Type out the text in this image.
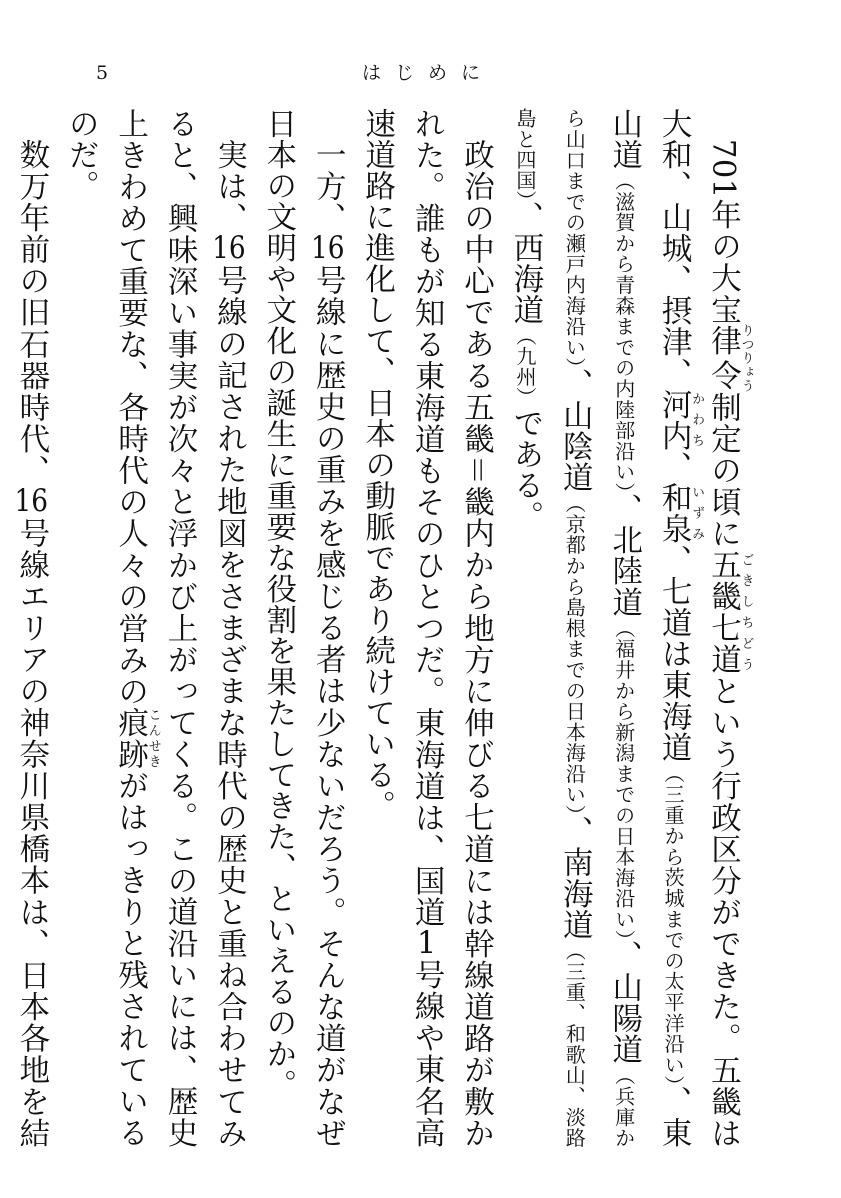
5	はじめに

701年の大宝律令りつりょう制定の頃に五畿七道ごきしちどうという行政区分ができた。五畿は大和、山城、摂津、河内かわち、和泉いずみ、七道は東海道（三重から茨城までの太平洋沿い）、東山道（滋賀から青森までの内陸部沿い）、北陸道（福井から新潟までの日本海沿い）、山陽道（兵庫から山口までの瀬戸内海沿い）、山陰道（京都から島根までの日本海沿い）、南海道（三重、和歌山、淡路島と四国）、西海道（九州）である。

政治の中心である五畿＝畿内から地方に伸びる七道には幹線道路が敷かれた。誰もが知る東海道もそのひとつだ。東海道は、国道1号線や東名高速道路に進化して、日本の動脈であり続けている。

一方、16号線に歴史の重みを感じる者は少ないだろう。そんな道がなぜ日本の文明や文化の誕生に重要な役割を果たしてきた、といえるのか。

実は、16号線の記された地図をさまざまな時代の歴史と重ね合わせてみると、興味深い事実が次々と浮かび上がってくる。この道沿いには、歴史上きわめて重要な、各時代の人々の営みの痕跡こんせきがはっきりと残されているのだ。

数万年前の旧石器時代、16号線エリアの神奈川県橋本は、日本各地を結
